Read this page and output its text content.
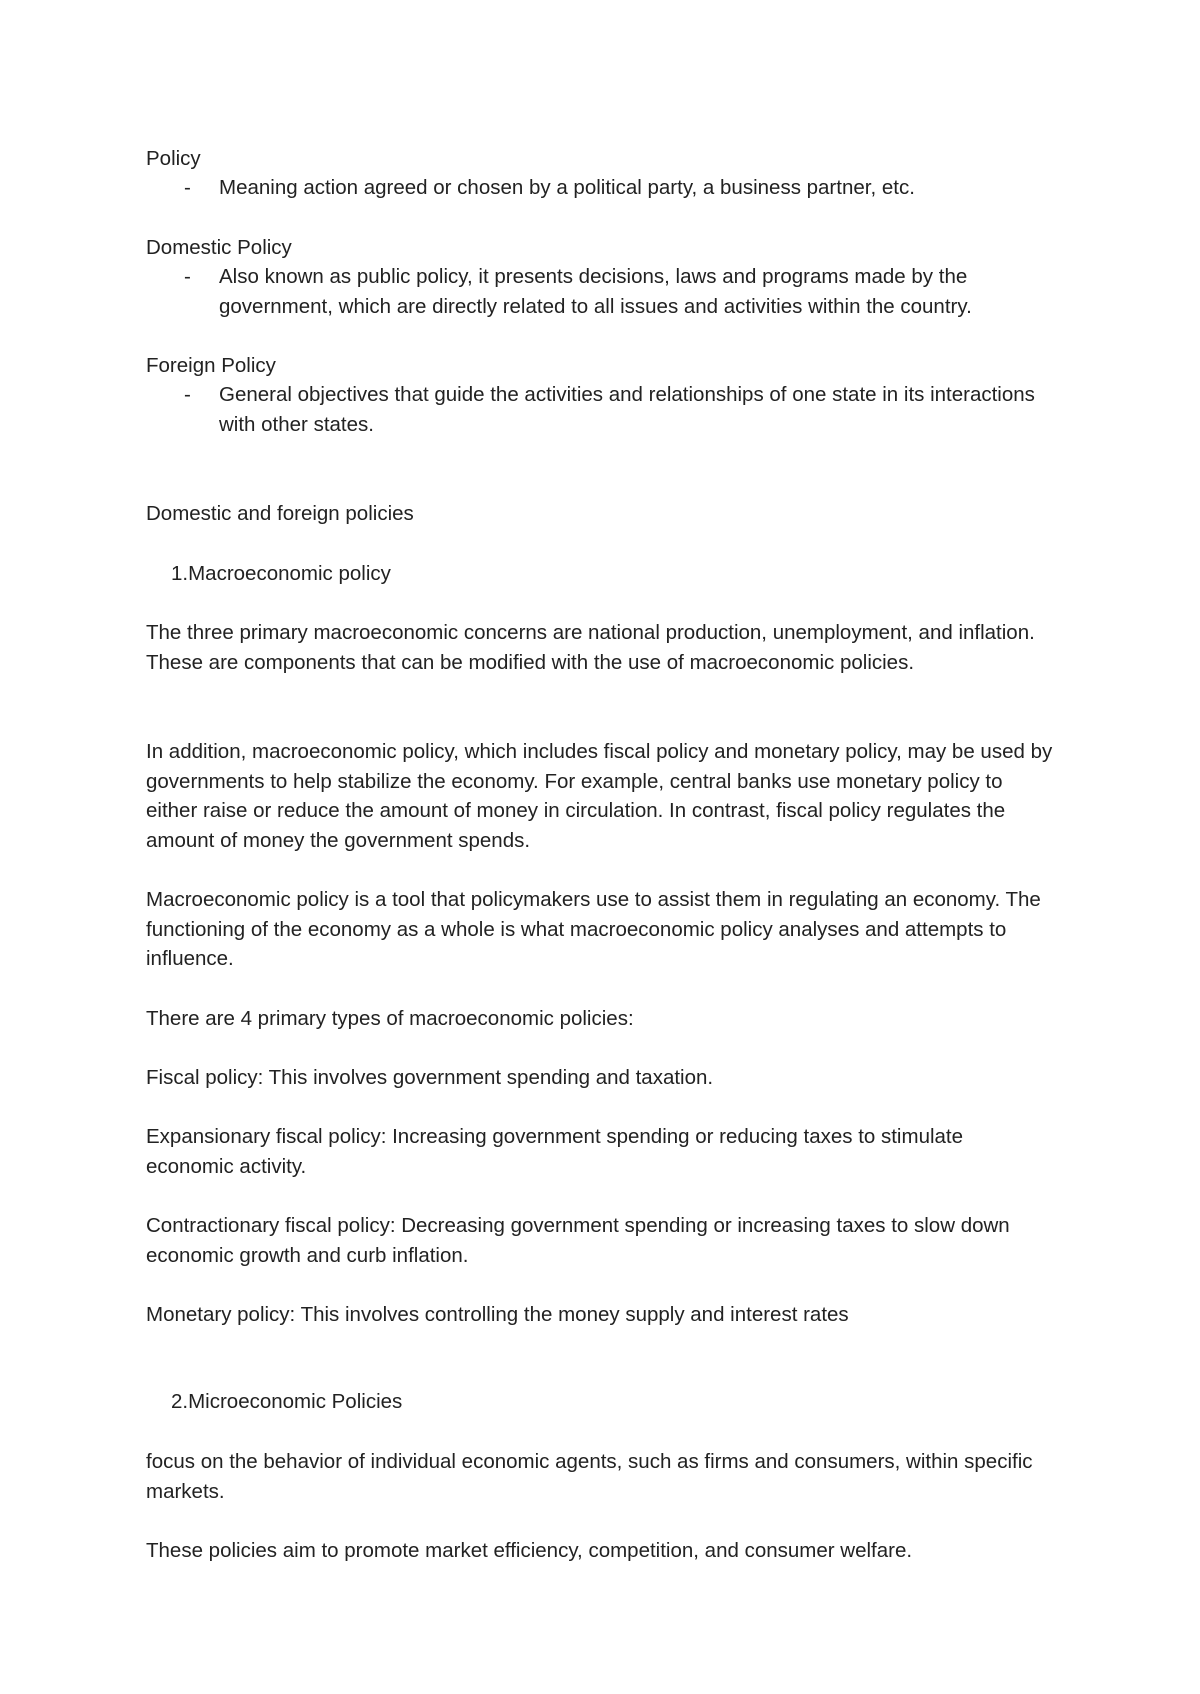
Policy
- Meaning action agreed or chosen by a political party, a business partner, etc.
Domestic Policy
- Also known as public policy, it presents decisions, laws and programs made by the government, which are directly related to all issues and activities within the country.
Foreign Policy
- General objectives that guide the activities and relationships of one state in its interactions with other states.
Domestic and foreign policies
1.Macroeconomic policy
The three primary macroeconomic concerns are national production, unemployment, and inflation. These are components that can be modified with the use of macroeconomic policies.
In addition, macroeconomic policy, which includes fiscal policy and monetary policy, may be used by governments to help stabilize the economy. For example, central banks use monetary policy to either raise or reduce the amount of money in circulation. In contrast, fiscal policy regulates the amount of money the government spends.
Macroeconomic policy is a tool that policymakers use to assist them in regulating an economy. The functioning of the economy as a whole is what macroeconomic policy analyses and attempts to influence.
There are 4 primary types of macroeconomic policies:
Fiscal policy: This involves government spending and taxation.
Expansionary fiscal policy: Increasing government spending or reducing taxes to stimulate economic activity.
Contractionary fiscal policy: Decreasing government spending or increasing taxes to slow down economic growth and curb inflation.
Monetary policy: This involves controlling the money supply and interest rates
2.Microeconomic Policies
focus on the behavior of individual economic agents, such as firms and consumers, within specific markets.
These policies aim to promote market efficiency, competition, and consumer welfare.
